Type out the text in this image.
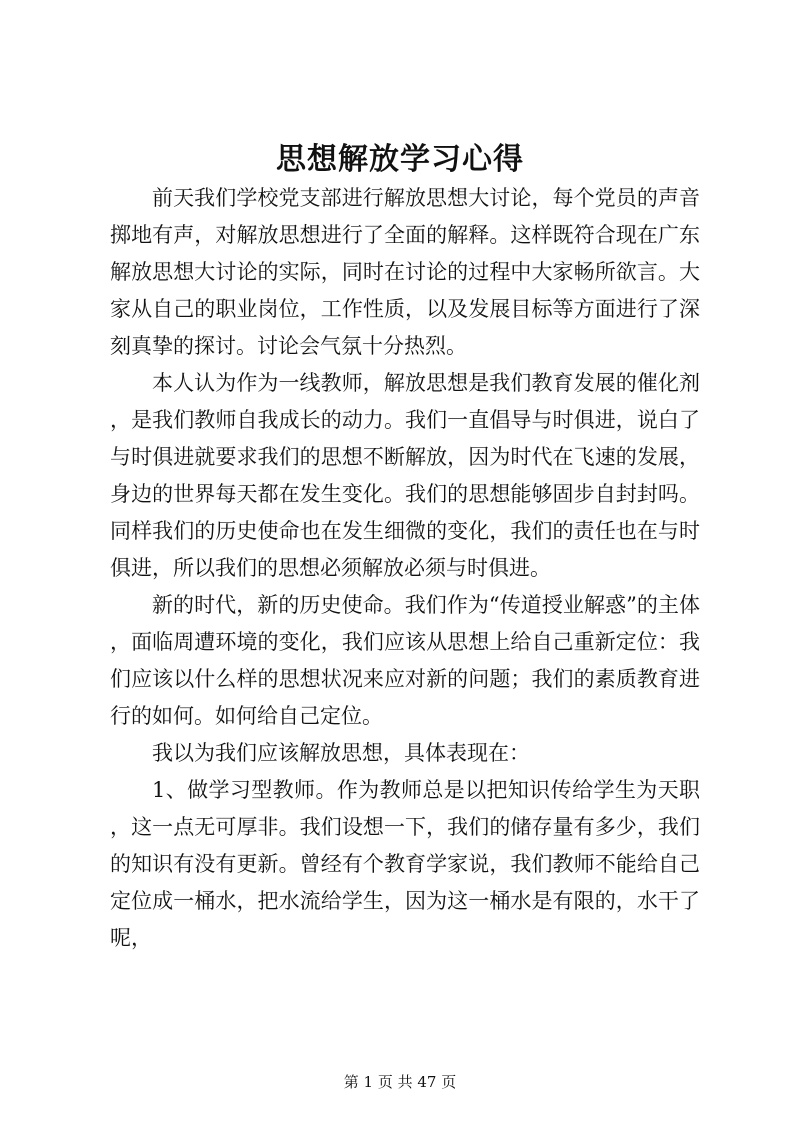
思想解放学习心得

前天我们学校党支部进行解放思想大讨论，每个党员的声音掷地有声，对解放思想进行了全面的解释。这样既符合现在广东解放思想大讨论的实际，同时在讨论的过程中大家畅所欲言。大家从自己的职业岗位，工作性质，以及发展目标等方面进行了深刻真挚的探讨。讨论会气氛十分热烈。

本人认为作为一线教师，解放思想是我们教育发展的催化剂，是我们教师自我成长的动力。我们一直倡导与时俱进，说白了与时俱进就要求我们的思想不断解放，因为时代在飞速的发展，身边的世界每天都在发生变化。我们的思想能够固步自封封吗。同样我们的历史使命也在发生细微的变化，我们的责任也在与时俱进，所以我们的思想必须解放必须与时俱进。

新的时代，新的历史使命。我们作为“传道授业解惑”的主体，面临周遭环境的变化，我们应该从思想上给自己重新定位：我们应该以什么样的思想状况来应对新的问题；我们的素质教育进行的如何。如何给自己定位。

我以为我们应该解放思想，具体表现在：

1、做学习型教师。作为教师总是以把知识传给学生为天职，这一点无可厚非。我们设想一下，我们的储存量有多少，我们的知识有没有更新。曾经有个教育学家说，我们教师不能给自己定位成一桶水，把水流给学生，因为这一桶水是有限的，水干了呢，

第 1 页 共 47 页
